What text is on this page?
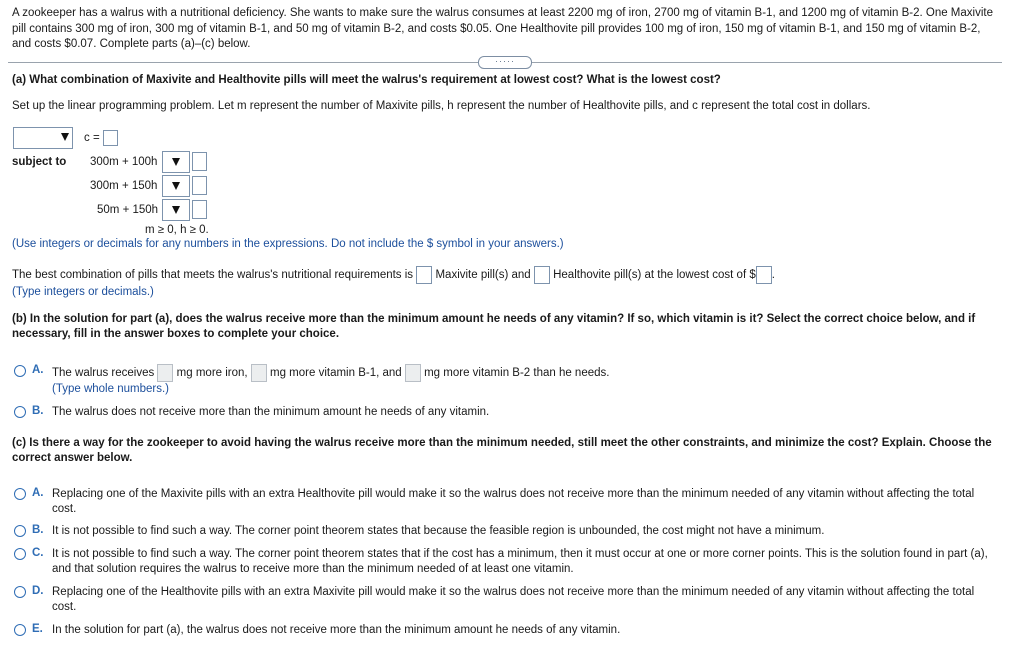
A zookeeper has a walrus with a nutritional deficiency. She wants to make sure the walrus consumes at least 2200 mg of iron, 2700 mg of vitamin B-1, and 1200 mg of vitamin B-2. One Maxivite pill contains 300 mg of iron, 300 mg of vitamin B-1, and 50 mg of vitamin B-2, and costs $0.05. One Healthovite pill provides 100 mg of iron, 150 mg of vitamin B-1, and 150 mg of vitamin B-2, and costs $0.07. Complete parts (a)–(c) below.
·····
(a) What combination of Maxivite and Healthovite pills will meet the walrus's requirement at lowest cost? What is the lowest cost?
Set up the linear programming problem. Let m represent the number of Maxivite pills, h represent the number of Healthovite pills, and c represent the total cost in dollars.
c =
subject to 300m + 100h
300m + 150h
50m + 150h
m ≥ 0, h ≥ 0.
(Use integers or decimals for any numbers in the expressions. Do not include the $ symbol in your answers.)
The best combination of pills that meets the walrus's nutritional requirements is Maxivite pill(s) and Healthovite pill(s) at the lowest cost of $ .
(Type integers or decimals.)
(b) In the solution for part (a), does the walrus receive more than the minimum amount he needs of any vitamin? If so, which vitamin is it? Select the correct choice below, and if necessary, fill in the answer boxes to complete your choice.
A. The walrus receives mg more iron, mg more vitamin B-1, and mg more vitamin B-2 than he needs.
(Type whole numbers.)
B. The walrus does not receive more than the minimum amount he needs of any vitamin.
(c) Is there a way for the zookeeper to avoid having the walrus receive more than the minimum needed, still meet the other constraints, and minimize the cost? Explain. Choose the correct answer below.
A. Replacing one of the Maxivite pills with an extra Healthovite pill would make it so the walrus does not receive more than the minimum needed of any vitamin without affecting the total cost.
B. It is not possible to find such a way. The corner point theorem states that because the feasible region is unbounded, the cost might not have a minimum.
C. It is not possible to find such a way. The corner point theorem states that if the cost has a minimum, then it must occur at one or more corner points. This is the solution found in part (a), and that solution requires the walrus to receive more than the minimum needed of at least one vitamin.
D. Replacing one of the Healthovite pills with an extra Maxivite pill would make it so the walrus does not receive more than the minimum needed of any vitamin without affecting the total cost.
E. In the solution for part (a), the walrus does not receive more than the minimum amount he needs of any vitamin.
